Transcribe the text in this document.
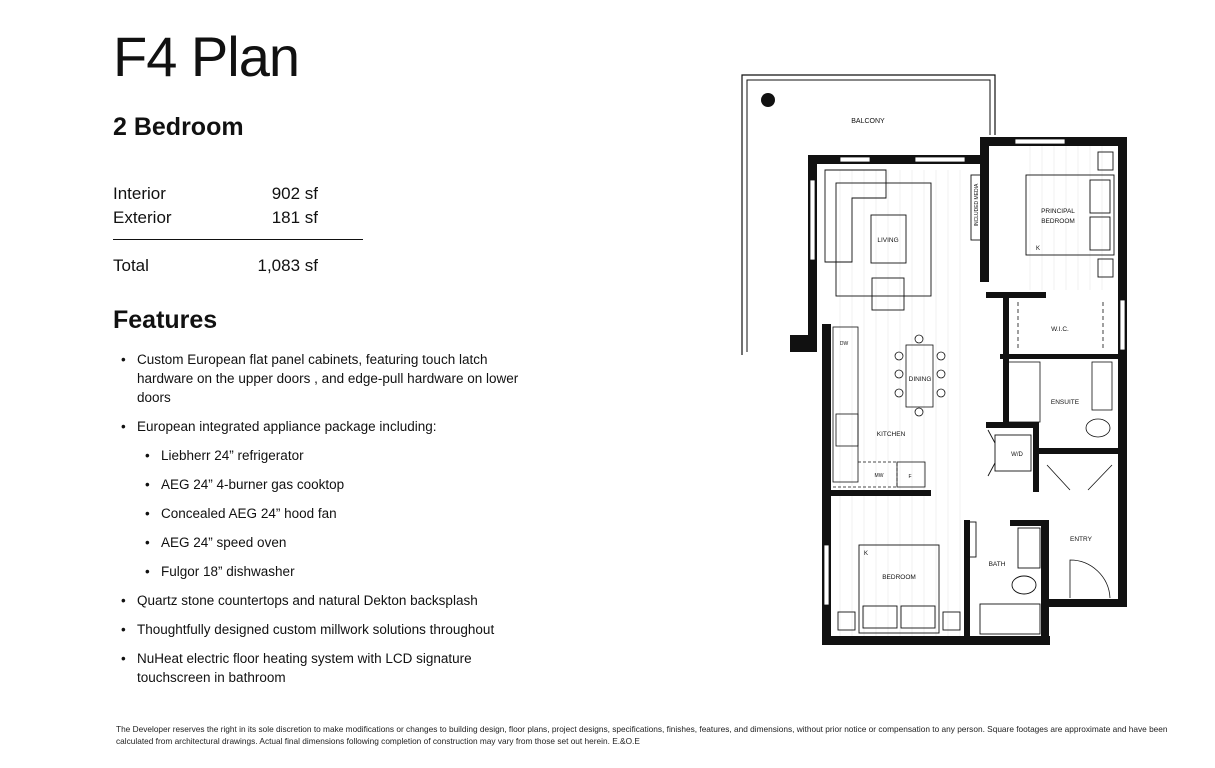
F4 Plan
2 Bedroom
Interior	902 sf
Exterior	181 sf
Total	1,083 sf
Features
• Custom European flat panel cabinets, featuring touch latch hardware on the upper doors , and edge-pull hardware on lower doors
• European integrated appliance package including:
• Liebherr 24” refrigerator
• AEG 24” 4-burner gas cooktop
• Concealed AEG 24” hood fan
• AEG 24” speed oven
• Fulgor 18” dishwasher
• Quartz stone countertops and natural Dekton backsplash
• Thoughtfully designed custom millwork solutions throughout
• NuHeat electric floor heating system with LCD signature touchscreen in bathroom
BALCONY
LIVING
INCLUDED MEDIA	PRINCIPAL
BEDROOM
K
W.I.C.
ENSUITE
DINING
KITCHEN
DW
F
MW
W/D
ENTRY
BATH
BEDROOM
K
The Developer reserves the right in its sole discretion to make modifications or changes to building design, floor plans, project designs, specifications, finishes, features, and dimensions, without prior notice or compensation to any person. Square footages are approximate and have been calculated from architectural drawings. Actual final dimensions following completion of construction may vary from those set out herein. E.&O.E
